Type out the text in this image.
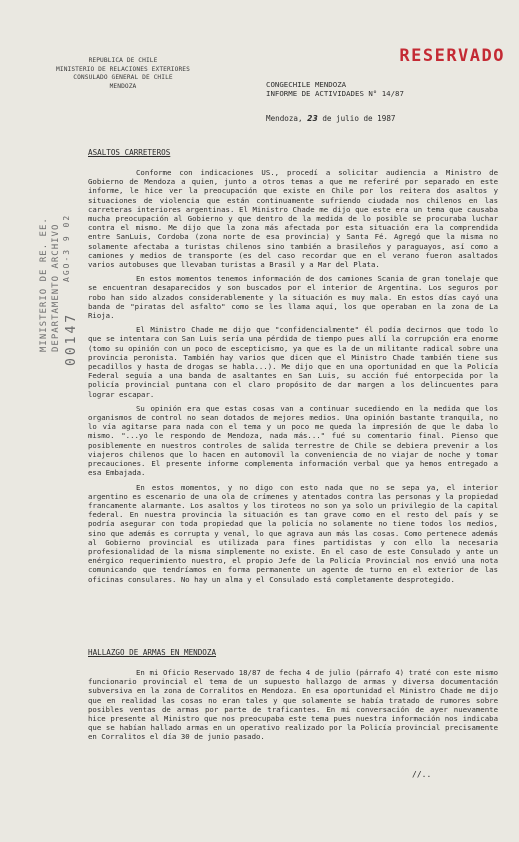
REPUBLICA DE CHILE
MINISTERIO DE RELACIONES EXTERIORES
CONSULADO GENERAL DE CHILE
MENDOZA
RESERVADO
CONGECHILE MENDOZA
INFORME DE ACTIVIDADES N° 14/87
Mendoza, 23 de julio de 1987
MINISTERIO DE RE. EE. DEPARTAMENTO ARCHIVO 00147
AGO-3 9 02
ASALTOS CARRETEROS

Conforme con indicaciones US., procedí a solicitar audiencia a Ministro de Gobierno de Mendoza a quien, junto a otros temas a que me referiré por separado en este informe, le hice ver la preocupación que existe en Chile por los reitera dos asaltos y situaciones de violencia que están continuamente sufriendo ciudada nos chilenos en las carreteras interiores argentinas. El Ministro Chade me dijo que este era un tema que causaba mucha preocupación al Gobierno y que dentro de la medida de lo posible se procuraba luchar contra el mismo. Me dijo que la zona más afectada por esta situación era la comprendida entre SanLuis, Cordoba (zona norte de esa provincia) y Santa Fé. Agregó que la misma no solamente afectaba a turistas chilenos sino también a brasileños y paraguayos, así como a camiones y medios de transporte (es del caso recordar que en el verano fueron asaltados varios autobuses que llevaban turistas a Brasil y a Mar del Plata.

En estos momentos tenemos información de dos camiones Scania de gran tonelaje que se encuentran desaparecidos y son buscados por el interior de Argentina. Los seguros por robo han sido alzados considerablemente y la situación es muy mala. En estos días cayó una banda de "piratas del asfalto" como se les llama aquí, los que operaban en la zona de La Rioja.

El Ministro Chade me dijo que "confidencialmente" él podía decirnos que todo lo que se intentara con San Luis sería una pérdida de tiempo pues allí la corrupción era enorme (tomo su opinión con un poco de escepticismo, ya que es la de un militante radical sobre una provincia peronista. También hay varios que dicen que el Ministro Chade también tiene sus pecadillos y hasta de drogas se habla...). Me dijo que en una oportunidad en que la Policía Federal seguía a una banda de asaltantes en San Luis, su acción fué entorpecida por la policía provincial puntana con el claro propósito de dar margen a los delincuentes para lograr escapar.

Su opinión era que estas cosas van a continuar sucediendo en la medida que los organismos de control no sean dotados de mejores medios. Una opinión bastante tranquila, no lo vía agitarse para nada con el tema y un poco me queda la impresión de que le daba lo mismo. "...yo le respondo de Mendoza, nada más..." fué su comentario final. Pienso que posiblemente en nuestros controles de salida terrestre de Chile se debiera prevenir a los viajeros chilenos que lo hacen en automovil la conveniencia de no viajar de noche y tomar precauciones. El presente informe complementa información verbal que ya hemos entregado a esa Embajada.

En estos momentos, y no digo con esto nada que no se sepa ya, el interior argentino es escenario de una ola de crímenes y atentados contra las personas y la propiedad francamente alarmante. Los asaltos y los tiroteos no son ya solo un privilegio de la capital federal. En nuestra provincia la situación es tan grave como en el resto del país y se podría asegurar con toda propiedad que la policía no solamente no tiene todos los medios, sino que además es corrupta y venal, lo que agrava aun más las cosas. Como pertenece además al Gobierno provincial es utilizada para fines partidistas y con ello la necesaria profesionalidad de la misma simplemente no existe. En el caso de este Consulado y ante un enérgico requerimiento nuestro, el propio Jefe de la Policía Provincial nos envió una nota comunicando que tendríamos en forma permanente un agente de turno en el exterior de las oficinas consulares. No hay un alma y el Consulado está completamente desprotegido.

HALLAZGO DE ARMAS EN MENDOZA

En mi Oficio Reservado 18/87 de fecha 4 de julio (párrafo 4) traté con este mismo funcionario provincial el tema de un supuesto hallazgo de armas y diversa documentación subversiva en la zona de Corralitos en Mendoza. En esa oportunidad el Ministro Chade me dijo que en realidad las cosas no eran tales y que solamente se había tratado de rumores sobre posibles ventas de armas por parte de traficantes. En mi conversación de ayer nuevamente hice presente al Ministro que nos preocupaba este tema pues nuestra información nos indicaba que se habían hallado armas en un operativo realizado por la Policía provincial precisamente en Corralitos el día 30 de junio pasado.

//..
